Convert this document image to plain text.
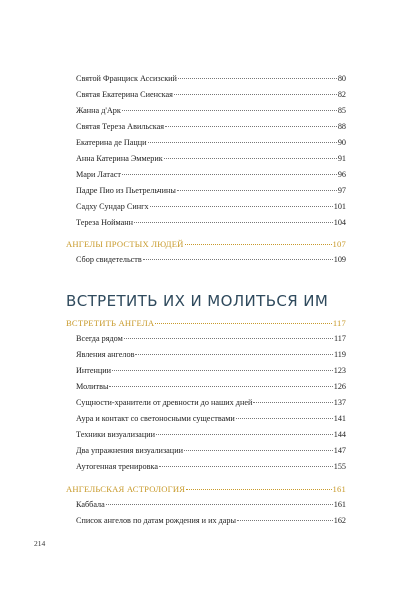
Святой Франциск Ассизский	80
Святая Екатерина Сиенская	82
Жанна д'Арк	85
Святая Тереза Авильская	88
Екатерина де Пацци	90
Анна Катерина Эммерик	91
Мари Латаст	96
Падре Пио из Пьетрельчины	97
Садху Сундар Сингх	101
Тереза Нойманн	104
АНГЕЛЫ ПРОСТЫХ ЛЮДЕЙ	107
Сбор свидетельств	109
ВСТРЕТИТЬ ИХ И МОЛИТЬСЯ ИМ
ВСТРЕТИТЬ АНГЕЛА	117
Всегда рядом	117
Явления ангелов	119
Интенции	123
Молитвы	126
Сущности-хранители от древности до наших дней	137
Аура и контакт со светоносными существами	141
Техники визуализации	144
Два упражнения визуализации	147
Аутогенная тренировка	155
АНГЕЛЬСКАЯ АСТРОЛОГИЯ	161
Каббала	161
Список ангелов по датам рождения и их дары	162
214
